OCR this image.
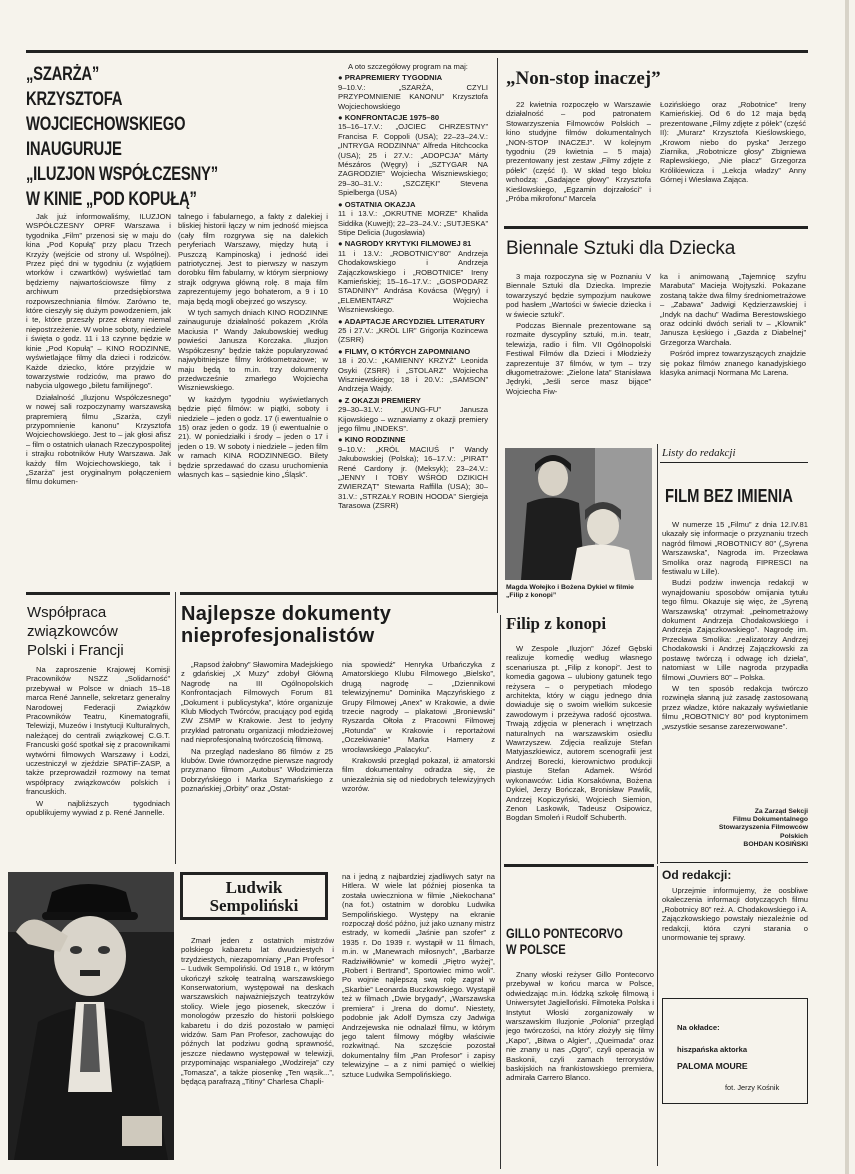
„SZARŻA”
KRZYSZTOFA WOJCIECHOWSKIEGO
INAUGURUJE
„ILUZJON WSPÓŁCZESNY”
W KINIE „POD KOPUŁĄ”

Jak już informowaliśmy, ILUZJON WSPÓŁCZESNY OPRF Warszawa i tygodnika „Film” przenosi się w maju do kina „Pod Kopułą” przy placu Trzech Krzyży (wejście od strony ul. Wspólnej). Przez pięć dni w tygodniu (z wyjątkiem wtorków i czwartków) wyświetlać tam będziemy najwartościowsze filmy z archiwum przedsiębiorstwa rozpowszechniania filmów. Zarówno te, które cieszyły się dużym powodzeniem, jak i te, które przeszły przez ekrany niemal niepostrzeżenie. W wolne soboty, niedziele i święta o godz. 11 i 13 czynne będzie w kinie „Pod Kopułą” – KINO RODZINNE, wyświetlające filmy dla dzieci i rodziców. Każde dziecko, które przyjdzie w towarzystwie rodziców, ma prawo do nabycia ulgowego „biletu familijnego”.

Działalność „Iluzjonu Współczesnego” w nowej sali rozpoczynamy warszawską prapremierą filmu „Szarża, czyli przypomnienie kanonu” Krzysztofa Wojciechowskiego. Jest to – jak głosi afisz – film o ostatnich ułanach Rzeczypospolitej i strajku robotników Huty Warszawa. Jak każdy film Wojciechowskiego, tak i „Szarża” jest oryginalnym połączeniem filmu dokumen-

talnego i fabularnego, a fakty z dalekiej i bliskiej historii łączy w nim jedność miejsca (cały film rozgrywa się na dalekich peryferiach Warszawy, między hutą i Puszczą Kampinoską) i jedność idei patriotycznej. Jest to pierwszy w naszym dorobku film fabularny, w którym sierpniowy strajk odgrywa główną rolę. 8 maja film zaprezentujemy jego bohaterom, a 9 i 10 maja będą mogli obejrzeć go wszyscy.

W tych samych dniach KINO RODZINNE zainauguruje działalność pokazem „Króla Maciusia I” Wandy Jakubowskiej według powieści Janusza Korczaka. „Iluzjon Współczesny” będzie także popularyzować najwybitniejsze filmy krótkometrażowe; w maju będą to m.in. trzy dokumenty przedwcześnie zmarłego Wojciecha Wiszniewskiego.

W każdym tygodniu wyświetlanych będzie pięć filmów: w piątki, soboty i niedziele – jeden o godz. 17 (i ewentualnie o 15) oraz jeden o godz. 19 (i ewentualnie o 21). W poniedziałki i środy – jeden o 17 i jeden o 19. W soboty i niedziele – jeden film w ramach KINA RODZINNEGO. Bilety będzie sprzedawać do czasu uruchomienia własnych kas – sąsiednie kino „Śląsk”.

A oto szczegółowy program na maj:

● PRAPREMIERY TYGODNIA

9–10.V.: „SZARŻA, CZYLI PRZYPOMNIENIE KANONU” Krzysztofa Wojciechowskiego

● KONFRONTACJE 1975–80

15–16–17.V.: „OJCIEC CHRZESTNY” Francisa F. Coppoli (USA); 22–23–24.V.: „INTRYGA RODZINNA” Alfreda Hitchcocka (USA); 25 i 27.V.: „ADOPCJA” Márty Mészáros (Węgry) i „SZTYGAR NA ZAGRODZIE” Wojciecha Wiszniewskiego; 29–30–31.V.: „SZCZĘKI” Stevena Spielberga (USA)

● OSTATNIA OKAZJA

11 i 13.V.: „OKRUTNE MORZE” Khalida Siddika (Kuwejt); 22–23–24.V.: „SUTJESKA” Stipe Delicia (Jugosławia)

● NAGRODY KRYTYKI FILMOWEJ 81

11 i 13.V.: „ROBOTNICY’80” Andrzeja Chodakowskiego i Andrzeja Zajączkowskiego i „ROBOTNICE” Ireny Kamieńskiej; 15–16–17.V.: „GOSPODARZ STADNINY” Andrása Kovácsa (Węgry) i „ELEMENTARZ” Wojciecha Wiszniewskiego.

● ADAPTACJE ARCYDZIEŁ LITERATURY

25 i 27.V.: „KRÓL LIR” Grigorija Kozincewa (ZSRR)

● FILMY, O KTÓRYCH ZAPOMNIANO

18 i 20.V.: „KAMIENNY KRZYŻ” Leonida Osyki (ZSRR) i „STOLARZ” Wojciecha Wiszniewskiego; 18 i 20.V.: „SAMSON” Andrzeja Wajdy.

● Z OKAZJI PREMIERY

29–30–31.V.: „KUNG-FU” Janusza Kijowskiego – wznawiamy z okazji premiery jego filmu „INDEKS”.

● KINO RODZINNE

9–10.V.: „KRÓL MACIUŚ I” Wandy Jakubowskiej (Polska); 16–17.V.: „PIRAT” René Cardony jr. (Meksyk); 23–24.V.: „JENNY I TOBY WŚRÓD DZIKICH ZWIERZĄT” Stewarta Raffilla (USA); 30–31.V.: „STRZAŁY ROBIN HOODA” Siergieja Tarasowa (ZSRR)

„Non-stop inaczej”

22 kwietnia rozpoczęło w Warszawie działalność – pod patronatem Stowarzyszenia Filmowców Polskich – kino studyjne filmów dokumentalnych „NON-STOP INACZEJ”. W kolejnym tygodniu (29 kwietnia – 5 maja) prezentowany jest zestaw „Filmy zdjęte z półek” (część I). W skład tego bloku wchodzą: „Gadające głowy” Krzysztofa Kieślowskiego, „Egzamin dojrzałości” i „Próba mikrofonu” Marcela

Łozińskiego oraz „Robotnice” Ireny Kamieńskiej. Od 6 do 12 maja będą prezentowane „Filmy zdjęte z półek” (część II): „Murarz” Krzysztofa Kieślowskiego, „Krowom niebo do pyska” Jerzego Ziarnika, „Robotnicze głosy” Zbigniewa Raplewskiego, „Nie płacz” Grzegorza Królikiewicza i „Lekcja władzy” Anny Górnej i Wiesława Zająca.

Biennale Sztuki dla Dziecka

3 maja rozpoczyna się w Poznaniu V Biennale Sztuki dla Dziecka. Imprezie towarzyszyć będzie sympozjum naukowe pod hasłem „Wartości w świecie dziecka i w świecie sztuki”.

Podczas Biennale prezentowane są rozmaite dyscypliny sztuki, m.in. teatr, telewizja, radio i film. VII Ogólnopolski Festiwal Filmów dla Dzieci i Młodzieży zaprezentuje 37 filmów, w tym – trzy długometrażowe: „Zielone lata” Stanisława Jędryki, „Jeśli serce masz bijące” Wojciecha Fiw-

ka i animowaną „Tajemnicę szyfru Marabuta” Macieja Wojtyszki. Pokazane zostaną także dwa filmy średniometrażowe – „Zabawa” Jadwigi Kędzierzawskiej i „Indyk na dachu” Wadima Berestowskiego oraz odcinki dwóch seriali tv – „Klownik” Janusza Łęskiego i „Gazda z Diabelnej” Grzegorza Warchała.

Pośród imprez towarzyszących znajdzie się pokaz filmów znanego kanadyjskiego klasyka animacji Normana Mc Larena.

Magda Wołejko i Bożena Dykiel w filmie
„Filip z konopi”
Filip z konopi

W Zespole „Iluzjon” Józef Gębski realizuje komedię według własnego scenariusza pt. „Filip z konopi”. Jest to komedia gagowa – ulubiony gatunek tego reżysera – o perypetiach młodego architekta, który w ciągu jednego dnia dowiaduje się o swoim wielkim sukcesie zawodowym i przeżywa radość ojcostwa. Trwają zdjęcia w plenerach i wnętrzach naturalnych na warszawskim osiedlu Wawrzyszew. Zdjęcia realizuje Stefan Matyjaszkiewicz, autorem scenografii jest Andrzej Borecki, kierownictwo produkcji piastuje Stefan Adamek. Wśród wykonawców: Lidia Korsakówna, Bożena Dykiel, Jerzy Bończak, Bronisław Pawlik, Andrzej Kopiczyński, Wojciech Siemion, Zenon Laskowik, Tadeusz Osipowicz, Bogdan Smoleń i Rudolf Schuberth.

Listy do redakcji
FILM BEZ IMIENIA

W numerze 15 „Filmu” z dnia 12.IV.81 ukazały się informacje o przyznaniu trzech nagród filmowi „ROBOTNICY 80” („Syrena Warszawska”, Nagroda im. Przecława Smolika oraz nagrodą FIPRESCI na festiwalu w Lille).

Budzi podziw inwencja redakcji w wynajdowaniu sposobów omijania tytułu tego filmu. Okazuje się więc, że „Syreną Warszawską” otrzymał: „pełnometrażowy dokument Andrzeja Chodakowskiego i Andrzeja Zajączkowskiego”. Nagrodę im. Przecława Smolika: „realizatorzy Andrzej Chodakowski i Andrzej Zajączkowski za postawę twórczą i odwagę ich dzieła”, natomiast w Lille nagroda przypadła filmowi „Ouvriers 80” – Polska.

W ten sposób redakcja twórczo rozwinęła słanną już zasadę zastosowaną przez władze, które nakazały wyświetlanie filmu „ROBOTNICY 80” pod kryptonimem „wszystkie sesanse zarezerwowane”.

Za Zarząd Sekcji
Filmu Dokumentalnego
Stowarzyszenia Filmowców
Polskich
BOHDAN KOSIŃSKI
Od redakcji:

Uprzejmie informujemy, że oosbliwe okaleczenia informacji dotyczących filmu „Robotnicy 80” reż. A. Chodakowskiego i A. Zajączkowskiego powstały niezależnie od redakcji, która czyni starania o unormowanie tej sprawy.

Na okładce:
hiszpańska aktorka
PALOMA MOURE
fot. Jerzy Kośnik
Współpraca
związkowców
Polski i Francji

Na zaproszenie Krajowej Komisji Pracowników NSZZ „Solidarność” przebywał w Polsce w dniach 15–18 marca René Jannelle, sekretarz generalny Narodowej Federacji Związków Pracowników Teatru, Kinematografii, Telewizji, Muzeów i Instytucji Kulturalnych, należącej do centrali związkowej C.G.T. Francuski gość spotkał się z pracownikami wytwórni filmowych Warszawy i Łodzi, uczestniczył w zjeździe SPATiF-ZASP, a także przeprowadził rozmowy na temat współpracy związkowców polskich i francuskich.

W najbliższych tygodniach opublikujemy wywiad z p. René Jannelle.

Najlepsze dokumenty
nieprofesjonalistów

„Rapsod żałobny” Sławomira Madejskiego z gdańskiej „X Muzy” zdobył Główną Nagrodę na III Ogólnopolskich Konfrontacjach Filmowych Forum 81 „Dokument i publicystyka”, które organizuje Klub Młodych Twórców, pracujący pod egidą ZW ZSMP w Krakowie. Jest to jedyny przykład patronatu organizacji młodzieżowej nad nieprofesjonalną twórczością filmową.

Na przegląd nadesłano 86 filmów z 25 klubów. Dwie równorzędne pierwsze nagrody przyznano filmom „Autobus” Włodzimierza Dobrzyńskiego i Marka Szymańskiego z poznańskiej „Orbity” oraz „Ostat-

nia spowiedź” Henryka Urbańczyka z Amatorskiego Klubu Filmowego „Bielsko”, drugą nagrodę – „Dziennikowi telewizyjnemu” Dominika Mączyńskiego z Grupy Filmowej „Anex” w Krakowie, a dwie trzecie nagrody – plakatowi „Broniewski” Ryszarda Ołtoła z Pracowni Filmowej „Rotunda” w Krakowie i reportażowi „Oczekiwanie” Marka Hamery z wrocławskiego „Palacyku”.

Krakowski przegląd pokazał, iż amatorski film dokumentalny odradza się, że uniezależnia się od niedobrych telewizyjnych wzorów.

Ludwik
Sempoliński

Zmarł jeden z ostatnich mistrzów polskiego kabaretu lat dwudziestych i trzydziestych, niezapomniany „Pan Profesor” – Ludwik Sempoliński. Od 1918 r., w którym ukończył szkołę teatralną warszawskiego Konserwatorium, występował na deskach warszawskich najważniejszych teatrzyków stolicy. Wiele jego piosenek, skeczów i monologów przeszło do historii polskiego kabaretu i do dziś pozostało w pamięci widzów. Sam Pan Profesor, zachowując do późnych lat podziwu godną sprawność, jeszcze niedawno występował w telewizji, przypominając wspaniałego „Wodzireja” czy „Tomasza”, a także piosenkę „Ten wąsik...”, będącą parafrazą „Titiny” Charlesa Chapli-

na i jedną z najbardziej zjadliwych satyr na Hitlera. W wiele lat później piosenka ta została uwieczniona w filmie „Niekochana” (na fot.) ostatnim w dorobku Ludwika Sempolińskiego. Występy na ekranie rozpoczął dość późno, już jako uznany mistrz estrady, w komedii „Jaśnie pan szofer” z 1935 r. Do 1939 r. wystąpił w 11 filmach, m.in. w „Manewrach miłosnych”, „Barbarze Radziwiłłównie” w komedii „Piętro wyżej”, „Robert i Bertrand”, Sportowiec mimo woli”. Po wojnie najlepszą swą rolę zagrał w „Skarbie” Leonarda Buczkowskiego. Wystąpił też w filmach „Dwie brygady”, „Warszawska premiera” i „Irena do domu”. Niestety, podobnie jak Adolf Dymsza czy Jadwiga Andrzejewska nie odnalazł filmu, w którym jego talent filmowy mógłby właściwie rozkwitnąć. Na szczęście pozostał dokumentalny film „Pan Profesor” i zapisy telewizyjne – a z nimi pamięć o wielkiej sztuce Ludwika Sempolińskiego.

GILLO PONTECORVO
W POLSCE

Znany włoski reżyser Gillo Pontecorvo przebywał w końcu marca w Polsce, odwiedzając m.in. łódzką szkołę filmową i Uniwersytet Jagielloński. Filmoteka Polska i Instytut Włoski zorganizowały w warszawskim Iluzjonie „Polonia” przegląd jego twórczości, na który złożyły się filmy „Kapo”, „Bitwa o Algier”, „Queimada” oraz nie znany u nas „Ogro”, czyli operacja w Baskonii, czyli zamach terrorystów baskijskich na frankistowskiego premiera, admirała Carrero Blanco.
